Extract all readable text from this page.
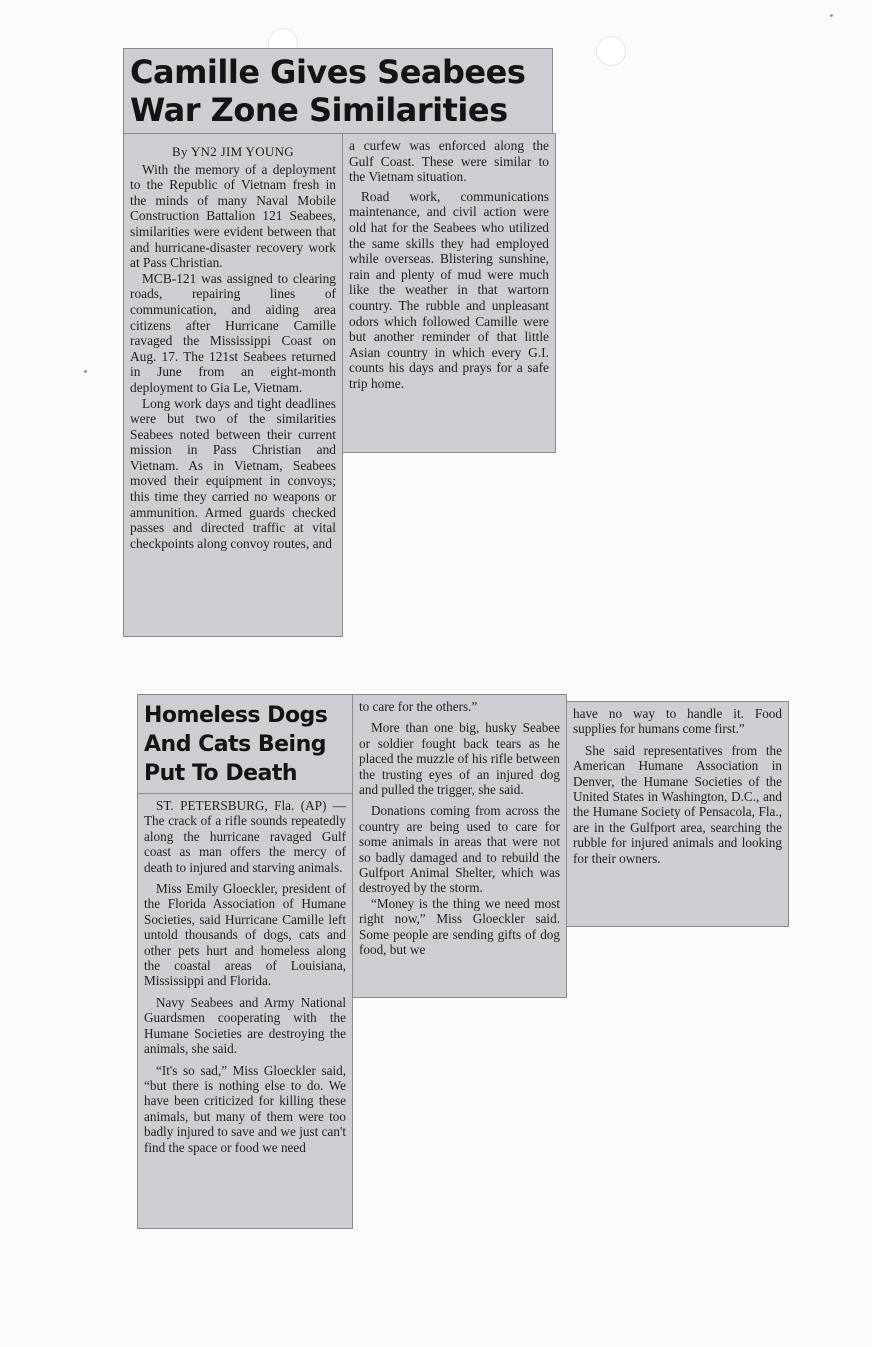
Camille Gives Seabees
War Zone Similarities
By YN2 JIM YOUNG

With the memory of a deployment to the Republic of Vietnam fresh in the minds of many Naval Mobile Construction Battalion 121 Seabees, similarities were evident between that and hurricane-disaster recovery work at Pass Christian.

MCB-121 was assigned to clearing roads, repairing lines of communication, and aiding area citizens after Hurricane Camille ravaged the Mississippi Coast on Aug. 17. The 121st Seabees returned in June from an eight-month deployment to Gia Le, Vietnam.

Long work days and tight deadlines were but two of the similarities Seabees noted between their current mission in Pass Christian and Vietnam. As in Vietnam, Seabees moved their equipment in convoys; this time they carried no weapons or ammunition. Armed guards checked passes and directed traffic at vital checkpoints along convoy routes, and

a curfew was enforced along the Gulf Coast. These were similar to the Vietnam situation.

Road work, communications maintenance, and civil action were old hat for the Seabees who utilized the same skills they had employed while overseas. Blistering sunshine, rain and plenty of mud were much like the weather in that wartorn country. The rubble and unpleasant odors which followed Camille were but another reminder of that little Asian country in which every G.I. counts his days and prays for a safe trip home.

Homeless Dogs
And Cats Being
Put To Death

ST. PETERSBURG, Fla. (AP) — The crack of a rifle sounds repeatedly along the hurricane ravaged Gulf coast as man offers the mercy of death to injured and starving animals.

Miss Emily Gloeckler, president of the Florida Association of Humane Societies, said Hurricane Camille left untold thousands of dogs, cats and other pets hurt and homeless along the coastal areas of Louisiana, Mississippi and Florida.

Navy Seabees and Army National Guardsmen cooperating with the Humane Societies are destroying the animals, she said.

“It's so sad,” Miss Gloeckler said, “but there is nothing else to do. We have been criticized for killing these animals, but many of them were too badly injured to save and we just can't find the space or food we need

to care for the others.”

More than one big, husky Seabee or soldier fought back tears as he placed the muzzle of his rifle between the trusting eyes of an injured dog and pulled the trigger, she said.

Donations coming from across the country are being used to care for some animals in areas that were not so badly damaged and to rebuild the Gulfport Animal Shelter, which was destroyed by the storm.

“Money is the thing we need most right now,” Miss Gloeckler said. Some people are sending gifts of dog food, but we

have no way to handle it. Food supplies for humans come first.”

She said representatives from the American Humane Association in Denver, the Humane Societies of the United States in Washington, D.C., and the Humane Society of Pensacola, Fla., are in the Gulfport area, searching the rubble for injured animals and looking for their owners.
